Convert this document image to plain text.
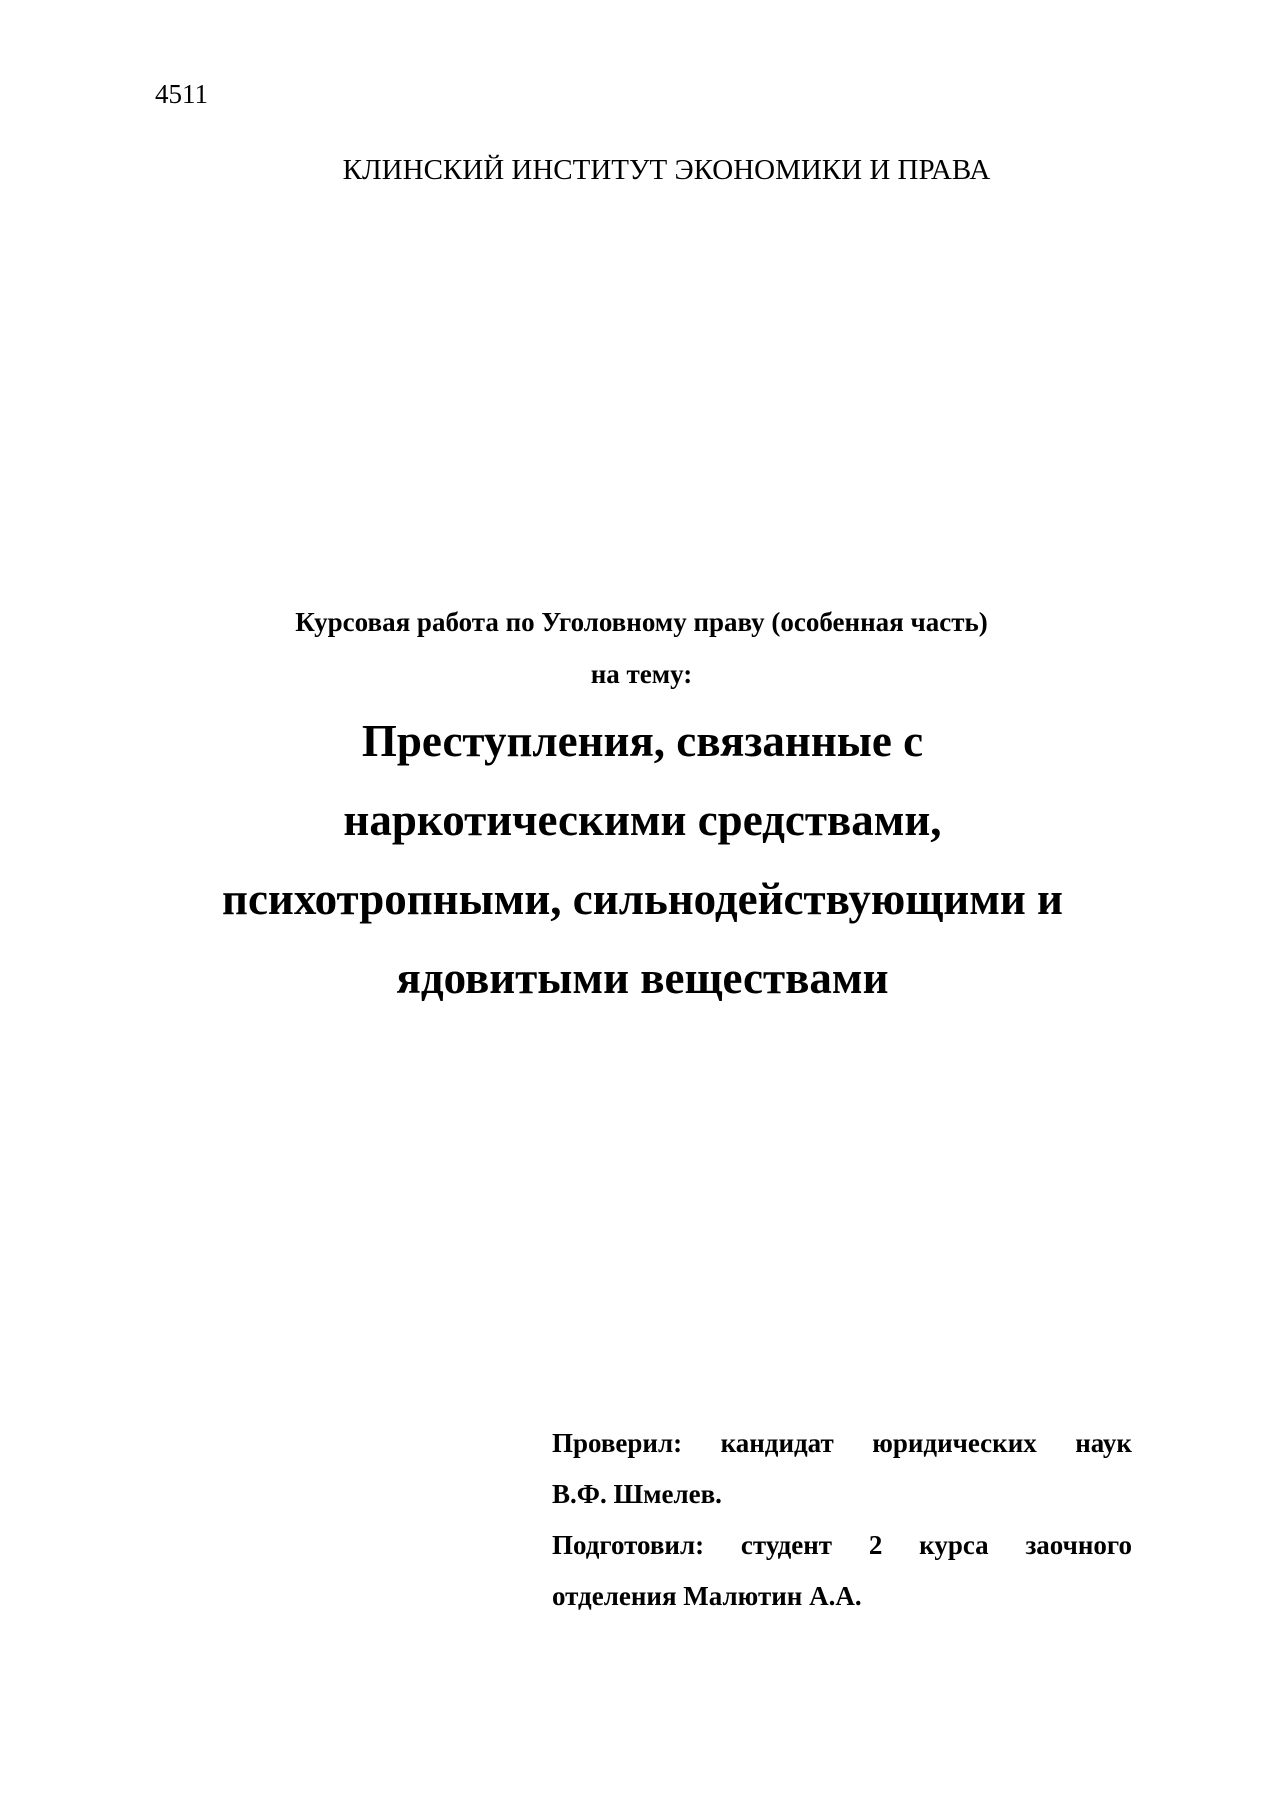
4511
КЛИНСКИЙ ИНСТИТУТ ЭКОНОМИКИ И ПРАВА
Курсовая работа по Уголовному праву (особенная часть)
на тему:
Преступления, связанные с
наркотическими средствами,
психотропными, сильнодействующими и
ядовитыми веществами
Проверил: кандидат юридических наук
В.Ф. Шмелев.
Подготовил: студент 2 курса заочного
отделения Малютин А.А.
